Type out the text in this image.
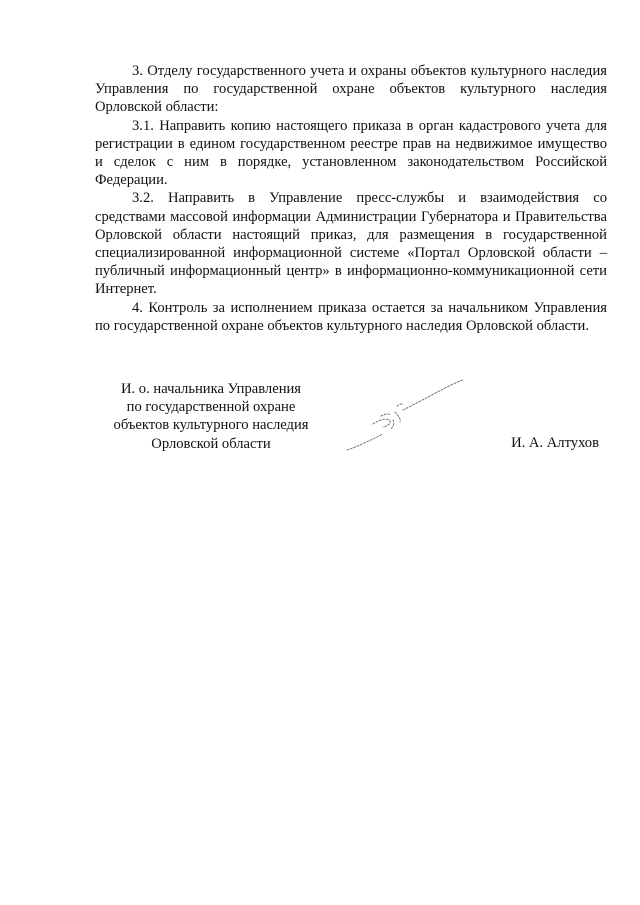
3. Отделу государственного учета и охраны объектов культурного наследия Управления по государственной охране объектов культурного наследия Орловской области:

3.1. Направить копию настоящего приказа в орган кадастрового учета для регистрации в едином государственном реестре прав на недвижимое имущество и сделок с ним в порядке, установленном законодательством Российской Федерации.

3.2. Направить в Управление пресс-службы и взаимодействия со средствами массовой информации Администрации Губернатора и Правительства Орловской области настоящий приказ, для размещения в государственной специализированной информационной системе «Портал Орловской области – публичный информационный центр» в информационно-коммуникационной сети Интернет.

4. Контроль за исполнением приказа остается за начальником Управления по государственной охране объектов культурного наследия Орловской области.

И. о. начальника Управления
по государственной охране
объектов культурного наследия
Орловской области	И. А. Алтухов
